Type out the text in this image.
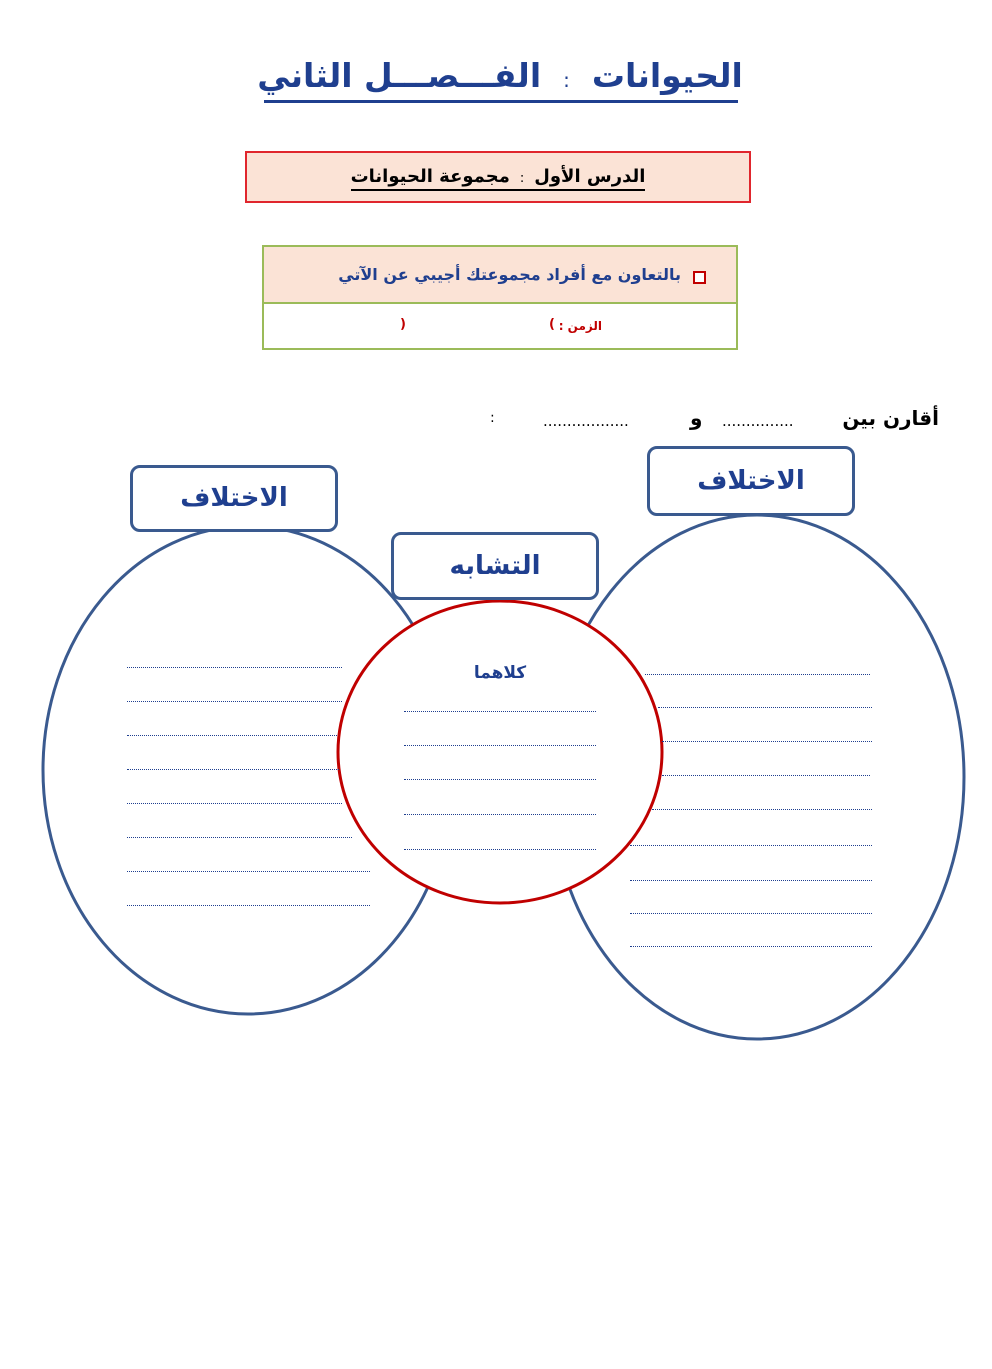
الحيوانات:الفـــصـــل الثاني
الدرس الأول:مجموعة الحيوانات
بالتعاون مع أفراد مجموعتك أجيبي عن الآتي
الزمن :
(
)
أقارن بين
...............
و
..................
:
الاختلاف
الاختلاف
التشابه
كلاهما
